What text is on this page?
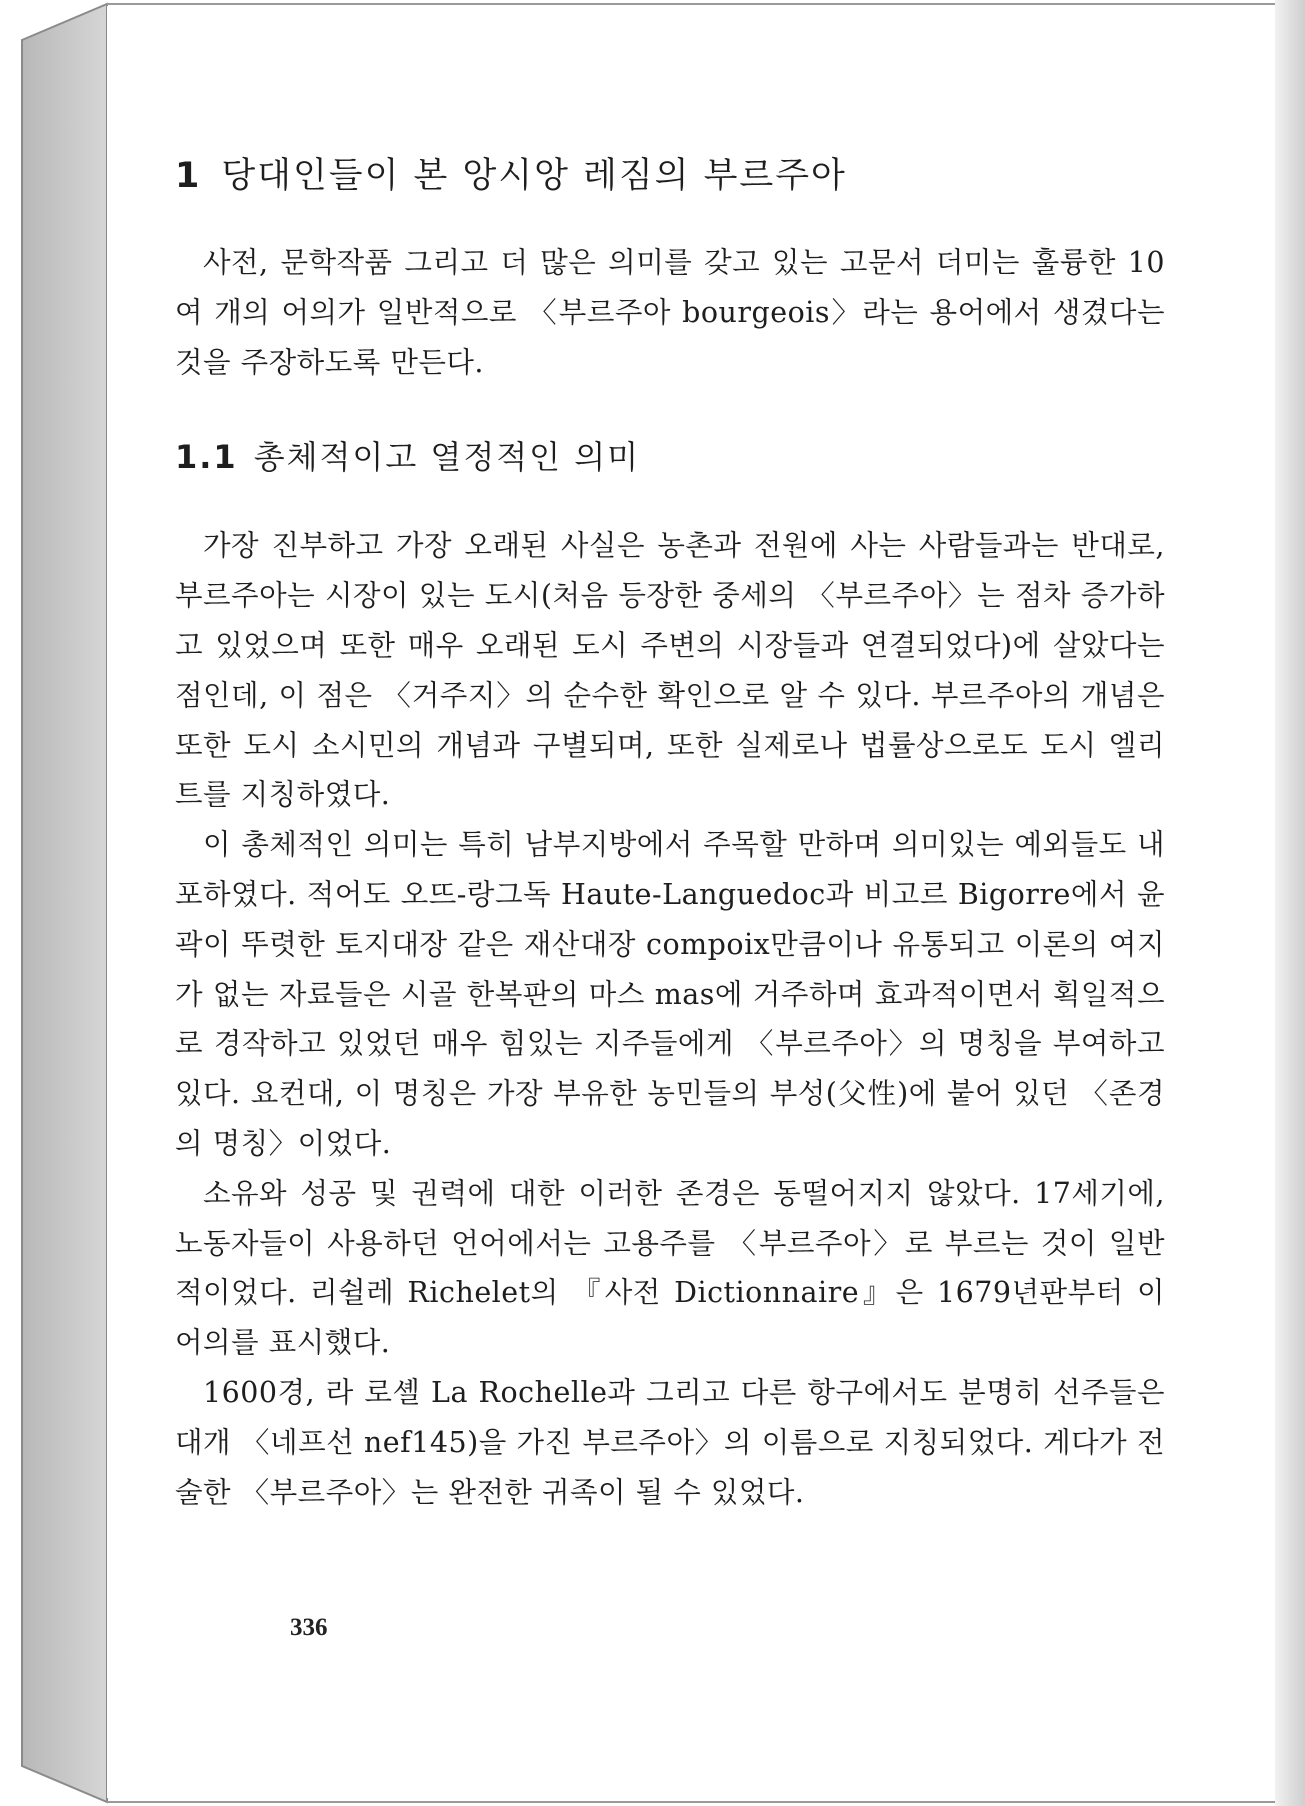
1 당대인들이 본 앙시앙 레짐의 부르주아

사전, 문학작품 그리고 더 많은 의미를 갖고 있는 고문서 더미는 훌륭한 10여 개의 어의가 일반적으로 〈부르주아 bourgeois〉라는 용어에서 생겼다는 것을 주장하도록 만든다.

1.1 총체적이고 열정적인 의미

가장 진부하고 가장 오래된 사실은 농촌과 전원에 사는 사람들과는 반대로, 부르주아는 시장이 있는 도시(처음 등장한 중세의 〈부르주아〉는 점차 증가하고 있었으며 또한 매우 오래된 도시 주변의 시장들과 연결되었다)에 살았다는 점인데, 이 점은 〈거주지〉의 순수한 확인으로 알 수 있다. 부르주아의 개념은 또한 도시 소시민의 개념과 구별되며, 또한 실제로나 법률상으로도 도시 엘리트를 지칭하였다.

이 총체적인 의미는 특히 남부지방에서 주목할 만하며 의미있는 예외들도 내포하였다. 적어도 오뜨-랑그독 Haute-Languedoc과 비고르 Bigorre에서 윤곽이 뚜렷한 토지대장 같은 재산대장 compoix만큼이나 유통되고 이론의 여지가 없는 자료들은 시골 한복판의 마스 mas에 거주하며 효과적이면서 획일적으로 경작하고 있었던 매우 힘있는 지주들에게 〈부르주아〉의 명칭을 부여하고 있다. 요컨대, 이 명칭은 가장 부유한 농민들의 부성(父性)에 붙어 있던 〈존경의 명칭〉이었다.

소유와 성공 및 권력에 대한 이러한 존경은 동떨어지지 않았다. 17세기에, 노동자들이 사용하던 언어에서는 고용주를 〈부르주아〉로 부르는 것이 일반적이었다. 리쉴레 Richelet의 『사전 Dictionnaire』은 1679년판부터 이 어의를 표시했다.

1600경, 라 로셸 La Rochelle과 그리고 다른 항구에서도 분명히 선주들은 대개 〈네프선 nef145)을 가진 부르주아〉의 이름으로 지칭되었다. 게다가 전술한 〈부르주아〉는 완전한 귀족이 될 수 있었다.

336
